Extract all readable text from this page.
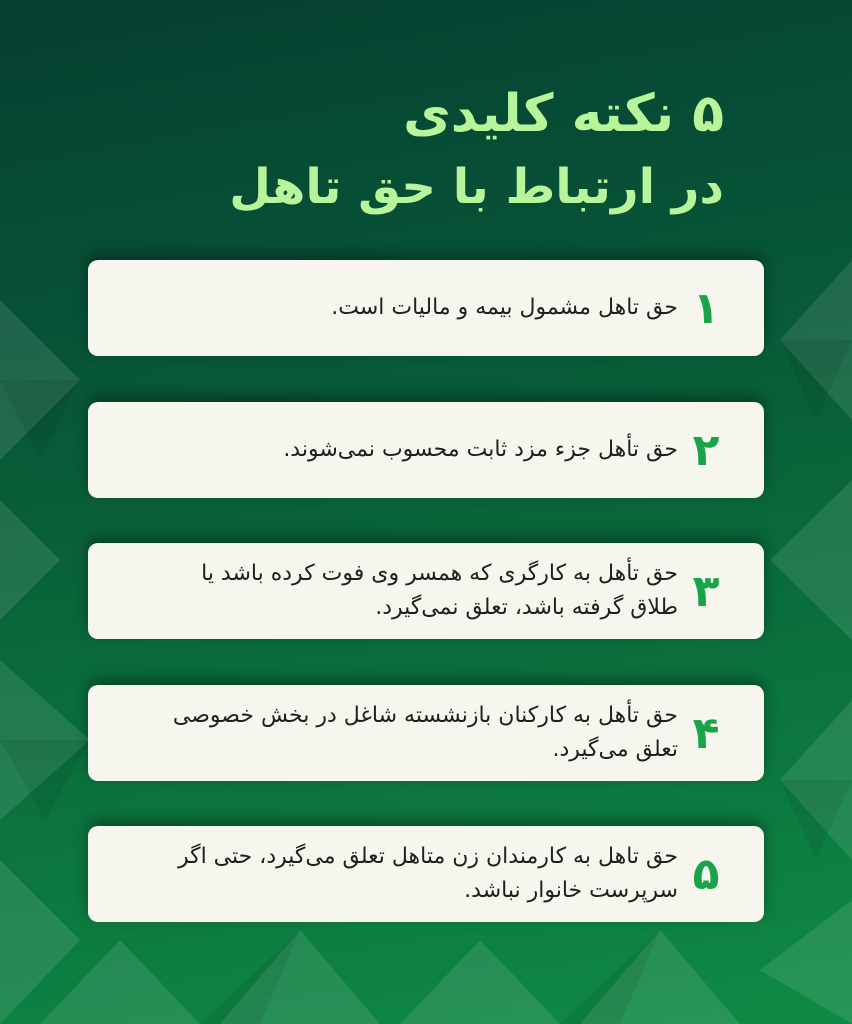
۵ نکته کلیدی
در ارتباط با حق تاهل
۱
حق تاهل مشمول بیمه و مالیات است.
۲
حق تأهل جزء مزد ثابت محسوب نمی‌شوند.
۳
حق تأهل به کارگری که همسر وی فوت کرده باشد یا طلاق گرفته باشد، تعلق نمی‌گیرد.
۴
حق تأهل به کارکنان بازنشسته شاغل در بخش خصوصی تعلق می‌گیرد.
۵
حق تاهل به کارمندان زن متاهل تعلق می‌گیرد، حتی اگر سرپرست خانوار نباشد.
